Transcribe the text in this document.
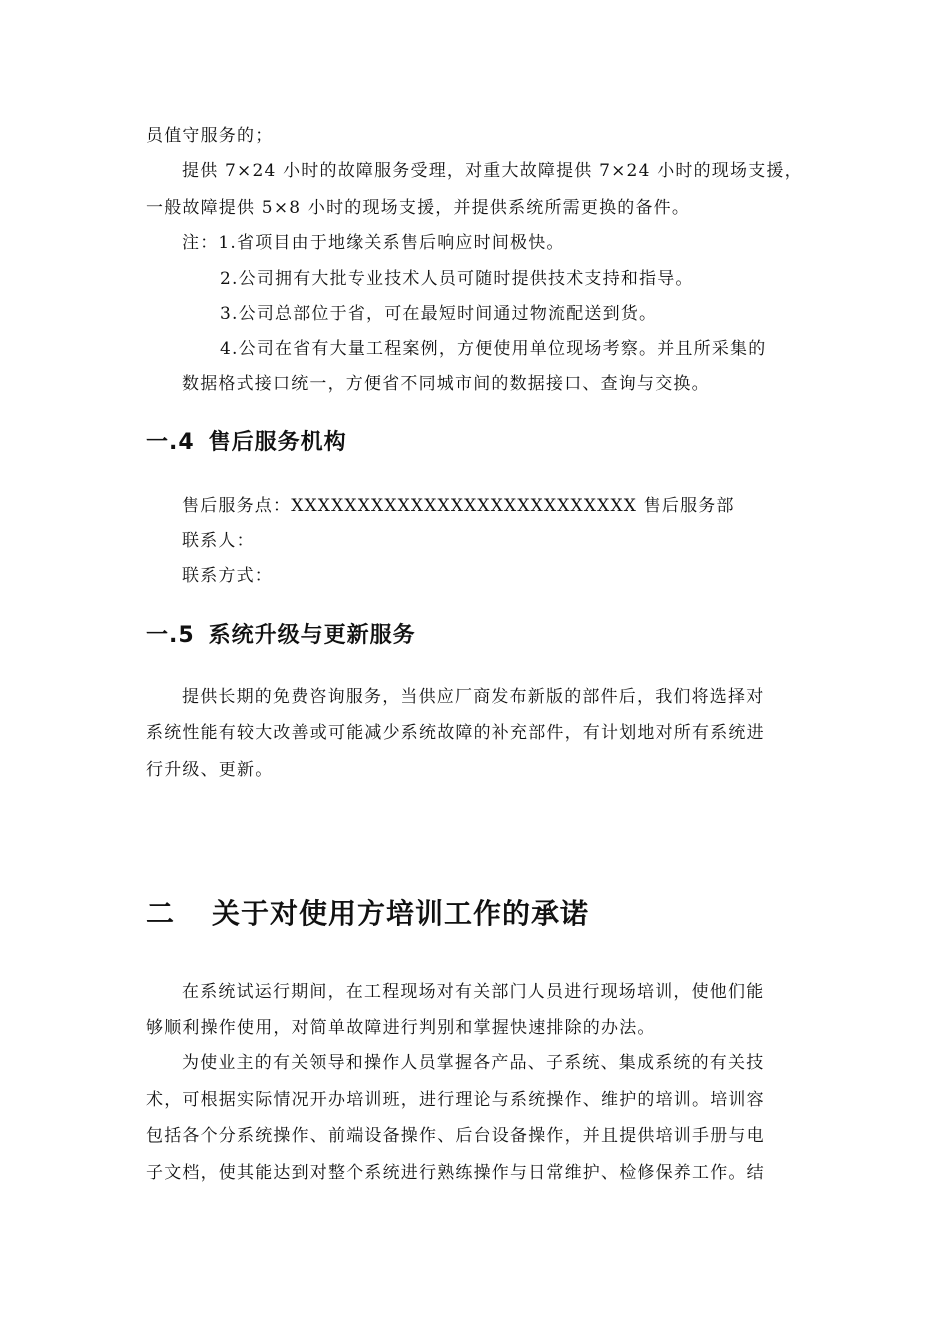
员值守服务的；
提供 7×24 小时的故障服务受理，对重大故障提供 7×24 小时的现场支援，
一般故障提供 5×8 小时的现场支援，并提供系统所需更换的备件。
注：1.省项目由于地缘关系售后响应时间极快。
2.公司拥有大批专业技术人员可随时提供技术支持和指导。
3.公司总部位于省，可在最短时间通过物流配送到货。
4.公司在省有大量工程案例，方便使用单位现场考察。并且所采集的
数据格式接口统一，方便省不同城市间的数据接口、查询与交换。
一.4 售后服务机构
售后服务点：XXXXXXXXXXXXXXXXXXXXXXXXXX 售后服务部
联系人：
联系方式：
一.5 系统升级与更新服务
提供长期的免费咨询服务，当供应厂商发布新版的部件后，我们将选择对
系统性能有较大改善或可能减少系统故障的补充部件，有计划地对所有系统进
行升级、更新。
二 关于对使用方培训工作的承诺
在系统试运行期间，在工程现场对有关部门人员进行现场培训，使他们能
够顺利操作使用，对简单故障进行判别和掌握快速排除的办法。
为使业主的有关领导和操作人员掌握各产品、子系统、集成系统的有关技
术，可根据实际情况开办培训班，进行理论与系统操作、维护的培训。培训容
包括各个分系统操作、前端设备操作、后台设备操作，并且提供培训手册与电
子文档，使其能达到对整个系统进行熟练操作与日常维护、检修保养工作。结
